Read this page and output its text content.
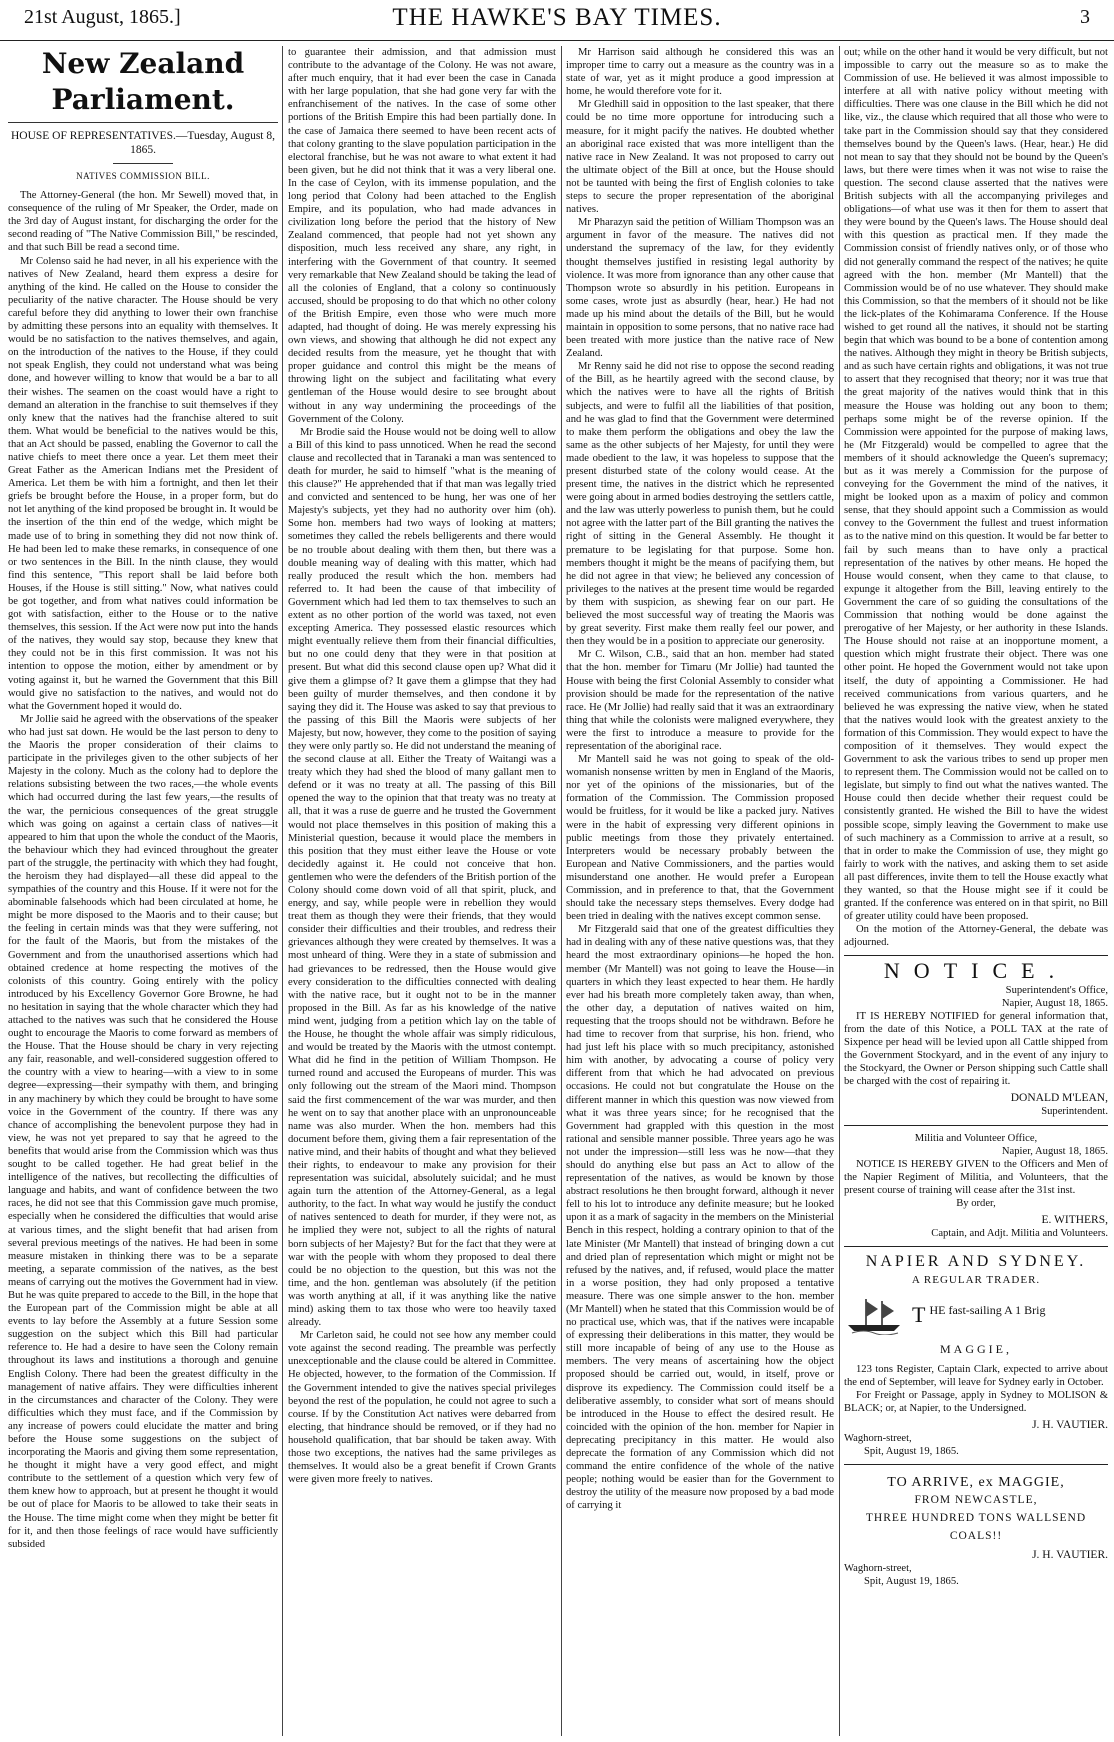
21st August, 1865.]	THE HAWKE'S BAY TIMES.	3
New Zealand Parliament.
HOUSE OF REPRESENTATIVES.—Tuesday, August 8, 1865.
NATIVES COMMISSION BILL.

The Attorney-General (the hon. Mr Sewell) moved that, in consequence of the ruling of Mr Speaker, the Order, made on the 3rd day of August instant, for discharging the order for the second reading of "The Native Commission Bill," be rescinded, and that such Bill be read a second time.

Mr Colenso said he had never, in all his experience with the natives of New Zealand, heard them express a desire for anything of the kind. He called on the House to consider the peculiarity of the native character. The House should be very careful before they did anything to lower their own franchise by admitting these persons into an equality with themselves. It would be no satisfaction to the natives themselves, and again, on the introduction of the natives to the House, if they could not speak English, they could not understand what was being done, and however willing to know that would be a bar to all their wishes. The seamen on the coast would have a right to demand an alteration in the franchise to suit themselves if they only knew that the natives had the franchise altered to suit them. What would be beneficial to the natives would be this, that an Act should be passed, enabling the Governor to call the native chiefs to meet there once a year. Let them meet their Great Father as the American Indians met the President of America. Let them be with him a fortnight, and then let their griefs be brought before the House, in a proper form, but do not let anything of the kind proposed be brought in. It would be the insertion of the thin end of the wedge, which might be made use of to bring in something they did not now think of. He had been led to make these remarks, in consequence of one or two sentences in the Bill. In the ninth clause, they would find this sentence, "This report shall be laid before both Houses, if the House is still sitting." Now, what natives could be got together, and from what natives could information be got with satisfaction, either to the House or to the native themselves, this session. If the Act were now put into the hands of the natives, they would say stop, because they knew that they could not be in this first commission. It was not his intention to oppose the motion, either by amendment or by voting against it, but he warned the Government that this Bill would give no satisfaction to the natives, and would not do what the Government hoped it would do.

Mr Jollie said he agreed with the observations of the speaker who had just sat down. He would be the last person to deny to the Maoris the proper consideration of their claims to participate in the privileges given to the other subjects of her Majesty in the colony. Much as the colony had to deplore the relations subsisting between the two races,—the whole events which had occurred during the last few years,—the results of the war, the pernicious consequences of the great struggle which was going on against a certain class of natives—it appeared to him that upon the whole the conduct of the Maoris, the behaviour which they had evinced throughout the greater part of the struggle, the pertinacity with which they had fought, the heroism they had displayed—all these did appeal to the sympathies of the country and this House. If it were not for the abominable falsehoods which had been circulated at home, he might be more disposed to the Maoris and to their cause; but the feeling in certain minds was that they were suffering, not for the fault of the Maoris, but from the mistakes of the Government and from the unauthorised assertions which had obtained credence at home respecting the motives of the colonists of this country. Going entirely with the policy introduced by his Excellency Governor Gore Browne, he had no hesitation in saying that the whole character which they had attached to the natives was such that he considered the House ought to encourage the Maoris to come forward as members of the House. That the House should be chary in very rejecting any fair, reasonable, and well-considered suggestion offered to the country with a view to hearing—with a view to in some degree—expressing—their sympathy with them, and bringing in any machinery by which they could be brought to have some voice in the Government of the country. If there was any chance of accomplishing the benevolent purpose they had in view, he was not yet prepared to say that he agreed to the benefits that would arise from the Commission which was thus sought to be called together. He had great belief in the intelligence of the natives, but recollecting the difficulties of language and habits, and want of confidence between the two races, he did not see that this Commission gave much promise, especially when he considered the difficulties that would arise at various times, and the slight benefit that had arisen from several previous meetings of the natives. He had been in some measure mistaken in thinking there was to be a separate meeting, a separate commission of the natives, as the best means of carrying out the motives the Government had in view. But he was quite prepared to accede to the Bill, in the hope that the European part of the Commission might be able at all events to lay before the Assembly at a future Session some suggestion on the subject which this Bill had particular reference to. He had a desire to have seen the Colony remain throughout its laws and institutions a thorough and genuine English Colony. There had been the greatest difficulty in the management of native affairs. They were difficulties inherent in the circumstances and character of the Colony. They were difficulties which they must face, and if the Commission by any increase of powers could elucidate the matter and bring before the House some suggestions on the subject of incorporating the Maoris and giving them some representation, he thought it might have a very good effect, and might contribute to the settlement of a question which very few of them knew how to approach, but at present he thought it would be out of place for Maoris to be allowed to take their seats in the House. The time might come when they might be better fit for it, and then those feelings of race would have sufficiently subsided

to guarantee their admission, and that admission must contribute to the advantage of the Colony. He was not aware, after much enquiry, that it had ever been the case in Canada with her large population, that she had gone very far with the enfranchisement of the natives. In the case of some other portions of the British Empire this had been partially done. In the case of Jamaica there seemed to have been recent acts of that colony granting to the slave population participation in the electoral franchise, but he was not aware to what extent it had been given, but he did not think that it was a very liberal one. In the case of Ceylon, with its immense population, and the long period that Colony had been attached to the English Empire, and its population, who had made advances in civilization long before the period that the history of New Zealand commenced, that people had not yet shown any disposition, much less received any share, any right, in interfering with the Government of that country. It seemed very remarkable that New Zealand should be taking the lead of all the colonies of England, that a colony so continuously accused, should be proposing to do that which no other colony of the British Empire, even those who were much more adapted, had thought of doing. He was merely expressing his own views, and showing that although he did not expect any decided results from the measure, yet he thought that with proper guidance and control this might be the means of throwing light on the subject and facilitating what every gentleman of the House would desire to see brought about without in any way undermining the proceedings of the Government of the Colony.

Mr Brodie said the House would not be doing well to allow a Bill of this kind to pass unnoticed. When he read the second clause and recollected that in Taranaki a man was sentenced to death for murder, he said to himself "what is the meaning of this clause?" He apprehended that if that man was legally tried and convicted and sentenced to be hung, her was one of her Majesty's subjects, yet they had no authority over him (oh). Some hon. members had two ways of looking at matters; sometimes they called the rebels belligerents and there would be no trouble about dealing with them then, but there was a double meaning way of dealing with this matter, which had really produced the result which the hon. members had referred to. It had been the cause of that imbecility of Government which had led them to tax themselves to such an extent as no other portion of the world was taxed, not even excepting America. They possessed elastic resources which might eventually relieve them from their financial difficulties, but no one could deny that they were in that position at present. But what did this second clause open up? What did it give them a glimpse of? It gave them a glimpse that they had been guilty of murder themselves, and then condone it by saying they did it. The House was asked to say that previous to the passing of this Bill the Maoris were subjects of her Majesty, but now, however, they come to the position of saying they were only partly so. He did not understand the meaning of the second clause at all. Either the Treaty of Waitangi was a treaty which they had shed the blood of many gallant men to defend or it was no treaty at all. The passing of this Bill opened the way to the opinion that that treaty was no treaty at all, that it was a ruse de guerre and he trusted the Government would not place themselves in this position of making this a Ministerial question, because it would place the members in this position that they must either leave the House or vote decidedly against it. He could not conceive that hon. gentlemen who were the defenders of the British portion of the Colony should come down void of all that spirit, pluck, and energy, and say, while people were in rebellion they would treat them as though they were their friends, that they would consider their difficulties and their troubles, and redress their grievances although they were created by themselves. It was a most unheard of thing. Were they in a state of submission and had grievances to be redressed, then the House would give every consideration to the difficulties connected with dealing with the native race, but it ought not to be in the manner proposed in the Bill. As far as his knowledge of the native mind went, judging from a petition which lay on the table of the House, he thought the whole affair was simply ridiculous, and would be treated by the Maoris with the utmost contempt. What did he find in the petition of William Thompson. He turned round and accused the Europeans of murder. This was only following out the stream of the Maori mind. Thompson said the first commencement of the war was murder, and then he went on to say that another place with an unpronounceable name was also murder. When the hon. members had this document before them, giving them a fair representation of the native mind, and their habits of thought and what they believed their rights, to endeavour to make any provision for their representation was suicidal, absolutely suicidal; and he must again turn the attention of the Attorney-General, as a legal authority, to the fact. In what way would he justify the conduct of natives sentenced to death for murder, if they were not, as he implied they were not, subject to all the rights of natural born subjects of her Majesty? But for the fact that they were at war with the people with whom they proposed to deal there could be no objection to the question, but this was not the time, and the hon. gentleman was absolutely (if the petition was worth anything at all, if it was anything like the native mind) asking them to tax those who were too heavily taxed already.

Mr Carleton said, he could not see how any member could vote against the second reading. The preamble was perfectly unexceptionable and the clause could be altered in Committee. He objected, however, to the formation of the Commission. If the Government intended to give the natives special privileges beyond the rest of the population, he could not agree to such a course. If by the Constitution Act natives were debarred from electing, that hindrance should be removed, or if they had no household qualification, that bar should be taken away. With those two exceptions, the natives had the same privileges as themselves. It would also be a great benefit if Crown Grants were given more freely to natives.

Mr Harrison said although he considered this was an improper time to carry out a measure as the country was in a state of war, yet as it might produce a good impression at home, he would therefore vote for it.

Mr Gledhill said in opposition to the last speaker, that there could be no time more opportune for introducing such a measure, for it might pacify the natives. He doubted whether an aboriginal race existed that was more intelligent than the native race in New Zealand. It was not proposed to carry out the ultimate object of the Bill at once, but the House should not be taunted with being the first of English colonies to take steps to secure the proper representation of the aboriginal natives.

Mr Pharazyn said the petition of William Thompson was an argument in favor of the measure. The natives did not understand the supremacy of the law, for they evidently thought themselves justified in resisting legal authority by violence. It was more from ignorance than any other cause that Thompson wrote so absurdly in his petition. Europeans in some cases, wrote just as absurdly (hear, hear.) He had not made up his mind about the details of the Bill, but he would maintain in opposition to some persons, that no native race had been treated with more justice than the native race of New Zealand.

Mr Renny said he did not rise to oppose the second reading of the Bill, as he heartily agreed with the second clause, by which the natives were to have all the rights of British subjects, and were to fulfil all the liabilities of that position, and he was glad to find that the Government were determined to make them perform the obligations and obey the law the same as the other subjects of her Majesty, for until they were made obedient to the law, it was hopeless to suppose that the present disturbed state of the colony would cease. At the present time, the natives in the district which he represented were going about in armed bodies destroying the settlers cattle, and the law was utterly powerless to punish them, but he could not agree with the latter part of the Bill granting the natives the right of sitting in the General Assembly. He thought it premature to be legislating for that purpose. Some hon. members thought it might be the means of pacifying them, but he did not agree in that view; he believed any concession of privileges to the natives at the present time would be regarded by them with suspicion, as shewing fear on our part. He believed the most successful way of treating the Maoris was by great severity. First make them really feel our power, and then they would be in a position to appreciate our generosity.

Mr C. Wilson, C.B., said that an hon. member had stated that the hon. member for Timaru (Mr Jollie) had taunted the House with being the first Colonial Assembly to consider what provision should be made for the representation of the native race. He (Mr Jollie) had really said that it was an extraordinary thing that while the colonists were maligned everywhere, they were the first to introduce a measure to provide for the representation of the aboriginal race.

Mr Mantell said he was not going to speak of the old-womanish nonsense written by men in England of the Maoris, nor yet of the opinions of the missionaries, but of the formation of the Commission. The Commission proposed would be fruitless, for it would be like a packed jury. Natives were in the habit of expressing very different opinions in public meetings from those they privately entertained. Interpreters would be necessary probably between the European and Native Commissioners, and the parties would misunderstand one another. He would prefer a European Commission, and in preference to that, that the Government should take the necessary steps themselves. Every dodge had been tried in dealing with the natives except common sense.

Mr Fitzgerald said that one of the greatest difficulties they had in dealing with any of these native questions was, that they heard the most extraordinary opinions—he hoped the hon. member (Mr Mantell) was not going to leave the House—in quarters in which they least expected to hear them. He hardly ever had his breath more completely taken away, than when, the other day, a deputation of natives waited on him, requesting that the troops should not be withdrawn. Before he had time to recover from that surprise, his hon. friend, who had just left his place with so much precipitancy, astonished him with another, by advocating a course of policy very different from that which he had advocated on previous occasions. He could not but congratulate the House on the different manner in which this question was now viewed from what it was three years since; for he recognised that the Government had grappled with this question in the most rational and sensible manner possible. Three years ago he was not under the impression—still less was he now—that they should do anything else but pass an Act to allow of the representation of the natives, as would be known by those abstract resolutions he then brought forward, although it never fell to his lot to introduce any definite measure; but he looked upon it as a mark of sagacity in the members on the Ministerial Bench in this respect, holding a contrary opinion to that of the late Minister (Mr Mantell) that instead of bringing down a cut and dried plan of representation which might or might not be refused by the natives, and, if refused, would place the matter in a worse position, they had only proposed a tentative measure. There was one simple answer to the hon. member (Mr Mantell) when he stated that this Commission would be of no practical use, which was, that if the natives were incapable of expressing their deliberations in this matter, they would be still more incapable of being of any use to the House as members. The very means of ascertaining how the object proposed should be carried out, would, in itself, prove or disprove its expediency. The Commission could itself be a deliberative assembly, to consider what sort of means should be introduced in the House to effect the desired result. He coincided with the opinion of the hon. member for Napier in deprecating precipitancy in this matter. He would also deprecate the formation of any Commission which did not command the entire confidence of the whole of the native people; nothing would be easier than for the Government to destroy the utility of the measure now proposed by a bad mode of carrying it

out; while on the other hand it would be very difficult, but not impossible to carry out the measure so as to make the Commission of use. He believed it was almost impossible to interfere at all with native policy without meeting with difficulties. There was one clause in the Bill which he did not like, viz., the clause which required that all those who were to take part in the Commission should say that they considered themselves bound by the Queen's laws. (Hear, hear.) He did not mean to say that they should not be bound by the Queen's laws, but there were times when it was not wise to raise the question. The second clause asserted that the natives were British subjects with all the accompanying privileges and obligations—of what use was it then for them to assert that they were bound by the Queen's laws. The House should deal with this question as practical men. If they made the Commission consist of friendly natives only, or of those who did not generally command the respect of the natives; he quite agreed with the hon. member (Mr Mantell) that the Commission would be of no use whatever. They should make this Commission, so that the members of it should not be like the lick-plates of the Kohimarama Conference. If the House wished to get round all the natives, it should not be starting begin that which was bound to be a bone of contention among the natives. Although they might in theory be British subjects, and as such have certain rights and obligations, it was not true to assert that they recognised that theory; nor it was true that the great majority of the natives would think that in this measure the House was holding out any boon to them; perhaps some might be of the reverse opinion. If the Commission were appointed for the purpose of making laws, he (Mr Fitzgerald) would be compelled to agree that the members of it should acknowledge the Queen's supremacy; but as it was merely a Commission for the purpose of conveying for the Government the mind of the natives, it might be looked upon as a maxim of policy and common sense, that they should appoint such a Commission as would convey to the Government the fullest and truest information as to the native mind on this question. It would be far better to fail by such means than to have only a practical representation of the natives by other means. He hoped the House would consent, when they came to that clause, to expunge it altogether from the Bill, leaving entirely to the Government the care of so guiding the consultations of the Commission that nothing would be done against the prerogative of her Majesty, or her authority in these Islands. The House should not raise at an inopportune moment, a question which might frustrate their object. There was one other point. He hoped the Government would not take upon itself, the duty of appointing a Commissioner. He had received communications from various quarters, and he believed he was expressing the native view, when he stated that the natives would look with the greatest anxiety to the formation of this Commission. They would expect to have the composition of it themselves. They would expect the Government to ask the various tribes to send up proper men to represent them. The Commission would not be called on to legislate, but simply to find out what the natives wanted. The House could then decide whether their request could be consistently granted. He wished the Bill to have the widest possible scope, simply leaving the Government to make use of such machinery as a Commission to arrive at a result, so that in order to make the Commission of use, they might go fairly to work with the natives, and asking them to set aside all past differences, invite them to tell the House exactly what they wanted, so that the House might see if it could be granted. If the conference was entered on in that spirit, no Bill of greater utility could have been proposed.

On the motion of the Attorney-General, the debate was adjourned.

NOTICE.
Superintendent's Office,
Napier, August 18, 1865.

IT IS HEREBY NOTIFIED for general information that, from the date of this Notice, a POLL TAX at the rate of Sixpence per head will be levied upon all Cattle shipped from the Government Stockyard, and in the event of any injury to the Stockyard, the Owner or Person shipping such Cattle shall be charged with the cost of repairing it.

DONALD M'LEAN,
Superintendent.
Militia and Volunteer Office,
Napier, August 18, 1865.

NOTICE IS HEREBY GIVEN to the Officers and Men of the Napier Regiment of Militia, and Volunteers, that the present course of training will cease after the 31st inst.

By order,
E. WITHERS,
Captain, and Adjt. Militia and Volunteers.
NAPIER AND SYDNEY.
A REGULAR TRADER.
THE fast-sailing A 1 Brig
MAGGIE,

123 tons Register, Captain Clark, expected to arrive about the end of September, will leave for Sydney early in October.

For Freight or Passage, apply in Sydney to MOLISON & BLACK; or, at Napier, to the Undersigned.

J. H. VAUTIER.
Waghorn-street,
Spit, August 19, 1865.
TO ARRIVE, ex MAGGIE,
FROM NEWCASTLE,
THREE HUNDRED TONS WALLSEND
COALS!!
J. H. VAUTIER.
Waghorn-street,
Spit, August 19, 1865.
